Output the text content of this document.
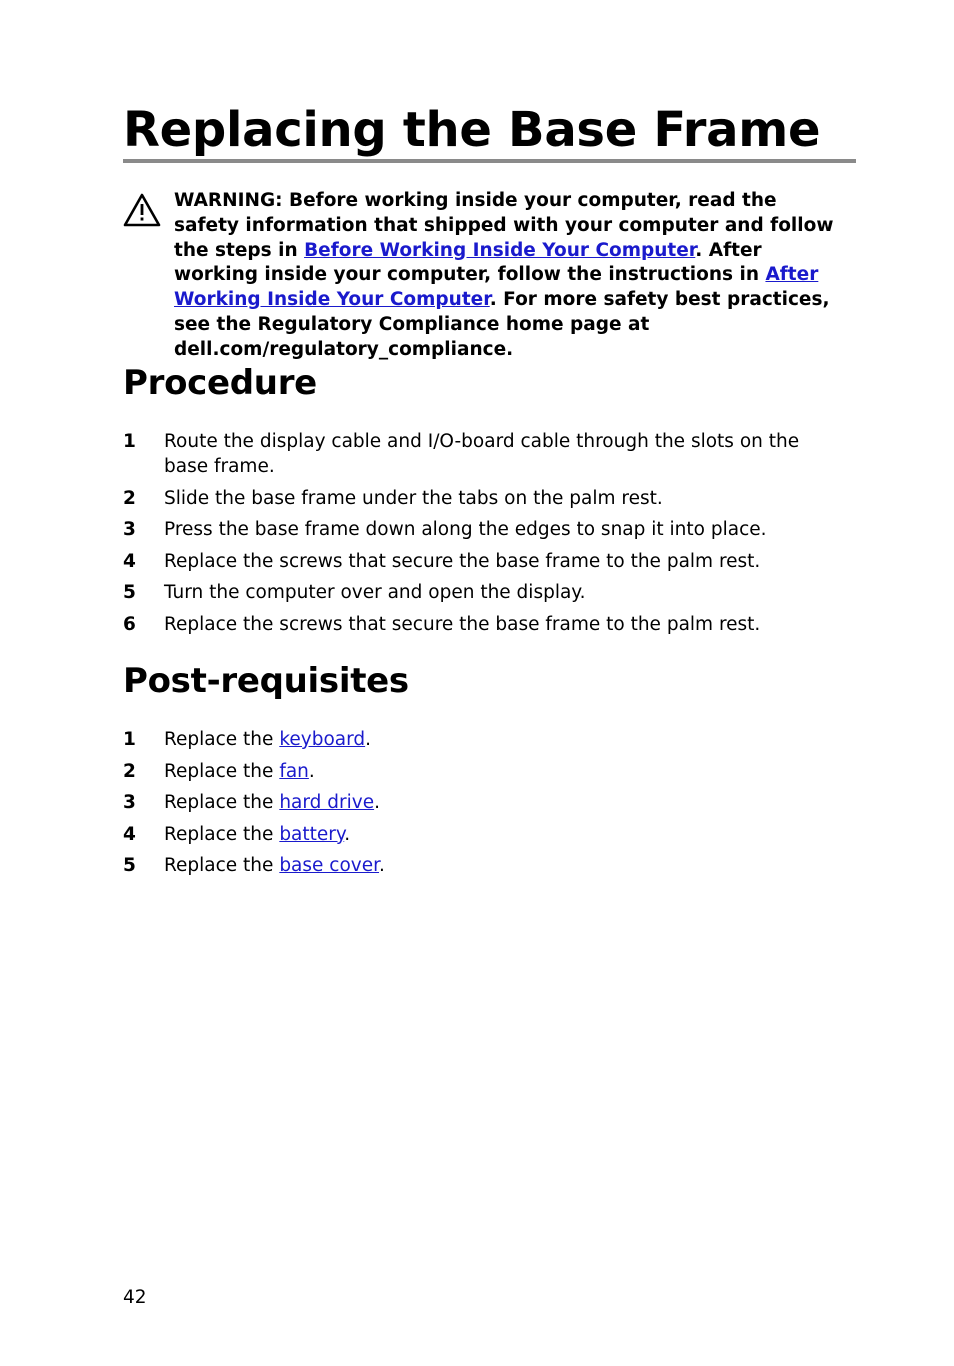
Replacing the Base Frame
WARNING: Before working inside your computer, read the safety information that shipped with your computer and follow the steps in Before Working Inside Your Computer. After working inside your computer, follow the instructions in After Working Inside Your Computer. For more safety best practices, see the Regulatory Compliance home page at dell.com/regulatory_compliance.
Procedure
1 Route the display cable and I/O-board cable through the slots on the base frame.
2 Slide the base frame under the tabs on the palm rest.
3 Press the base frame down along the edges to snap it into place.
4 Replace the screws that secure the base frame to the palm rest.
5 Turn the computer over and open the display.
6 Replace the screws that secure the base frame to the palm rest.
Post-requisites
1 Replace the keyboard.
2 Replace the fan.
3 Replace the hard drive.
4 Replace the battery.
5 Replace the base cover.
42
